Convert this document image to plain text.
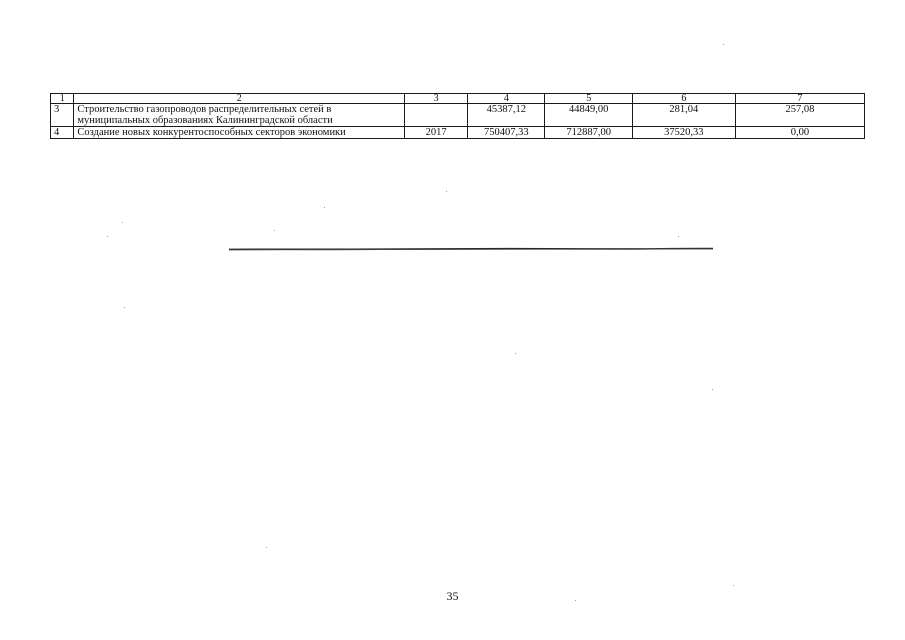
1	2	3	4	5	6	7
3	Строительство газопроводов распределительных сетей в
муниципальных образованиях Калининградской области		45387,12	44849,00	281,04	257,08
4	Создание новых конкурентоспособных секторов экономики	2017	750407,33	712887,00	37520,33	0,00
35
